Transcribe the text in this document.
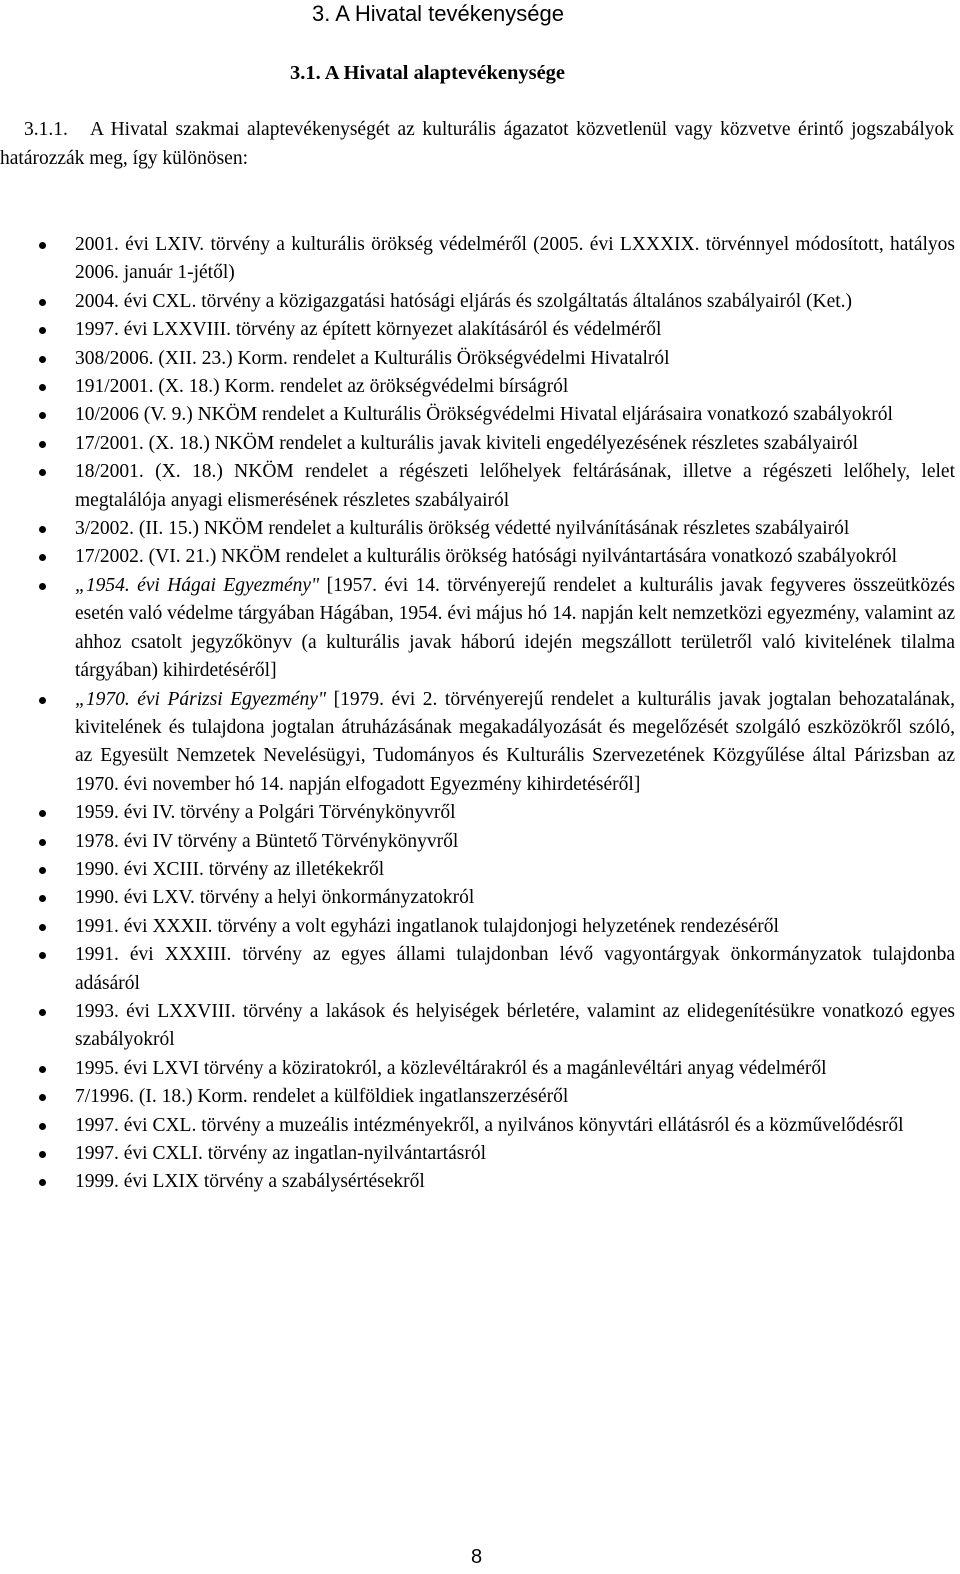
3. A Hivatal tevékenysége
3.1. A Hivatal alaptevékenysége
3.1.1. A Hivatal szakmai alaptevékenységét az kulturális ágazatot közvetlenül vagy közvetve érintő jogszabályok határozzák meg, így különösen:
2001. évi LXIV. törvény a kulturális örökség védelméről (2005. évi LXXXIX. törvénnyel módosított, hatályos 2006. január 1-jétől)
2004. évi CXL. törvény a közigazgatási hatósági eljárás és szolgáltatás általános szabályairól (Ket.)
1997. évi LXXVIII. törvény az épített környezet alakításáról és védelméről
308/2006. (XII. 23.) Korm. rendelet a Kulturális Örökségvédelmi Hivatalról
191/2001. (X. 18.) Korm. rendelet az örökségvédelmi bírságról
10/2006 (V. 9.) NKÖM rendelet a Kulturális Örökségvédelmi Hivatal eljárásaira vonatkozó szabályokról
17/2001. (X. 18.) NKÖM rendelet a kulturális javak kiviteli engedélyezésének részletes szabályairól
18/2001. (X. 18.) NKÖM rendelet a régészeti lelőhelyek feltárásának, illetve a régészeti lelőhely, lelet megtalálója anyagi elismerésének részletes szabályairól
3/2002. (II. 15.) NKÖM rendelet a kulturális örökség védetté nyilvánításának részletes szabályairól
17/2002. (VI. 21.) NKÖM rendelet a kulturális örökség hatósági nyilvántartására vonatkozó szabályokról
„1954. évi Hágai Egyezmény" [1957. évi 14. törvényerejű rendelet a kulturális javak fegyveres összeütközés esetén való védelme tárgyában Hágában, 1954. évi május hó 14. napján kelt nemzetközi egyezmény, valamint az ahhoz csatolt jegyzőkönyv (a kulturális javak háború idején megszállott területről való kivitelének tilalma tárgyában) kihirdetéséről]
„1970. évi Párizsi Egyezmény" [1979. évi 2. törvényerejű rendelet a kulturális javak jogtalan behozatalának, kivitelének és tulajdona jogtalan átruházásának megakadályozását és megelőzését szolgáló eszközökről szóló, az Egyesült Nemzetek Nevelésügyi, Tudományos és Kulturális Szervezetének Közgyűlése által Párizsban az 1970. évi november hó 14. napján elfogadott Egyezmény kihirdetéséről]
1959. évi IV. törvény a Polgári Törvénykönyvről
1978. évi IV törvény a Büntető Törvénykönyvről
1990. évi XCIII. törvény az illetékekről
1990. évi LXV. törvény a helyi önkormányzatokról
1991. évi XXXII. törvény a volt egyházi ingatlanok tulajdonjogi helyzetének rendezéséről
1991. évi XXXIII. törvény az egyes állami tulajdonban lévő vagyontárgyak önkormányzatok tulajdonba adásáról
1993. évi LXXVIII. törvény a lakások és helyiségek bérletére, valamint az elidegenítésükre vonatkozó egyes szabályokról
1995. évi LXVI törvény a köziratokról, a közlevéltárakról és a magánlevéltári anyag védelméről
7/1996. (I. 18.) Korm. rendelet a külföldiek ingatlanszerzéséről
1997. évi CXL. törvény a muzeális intézményekről, a nyilvános könyvtári ellátásról és a közművelődésről
1997. évi CXLI. törvény az ingatlan-nyilvántartásról
1999. évi LXIX törvény a szabálysértésekről
8
